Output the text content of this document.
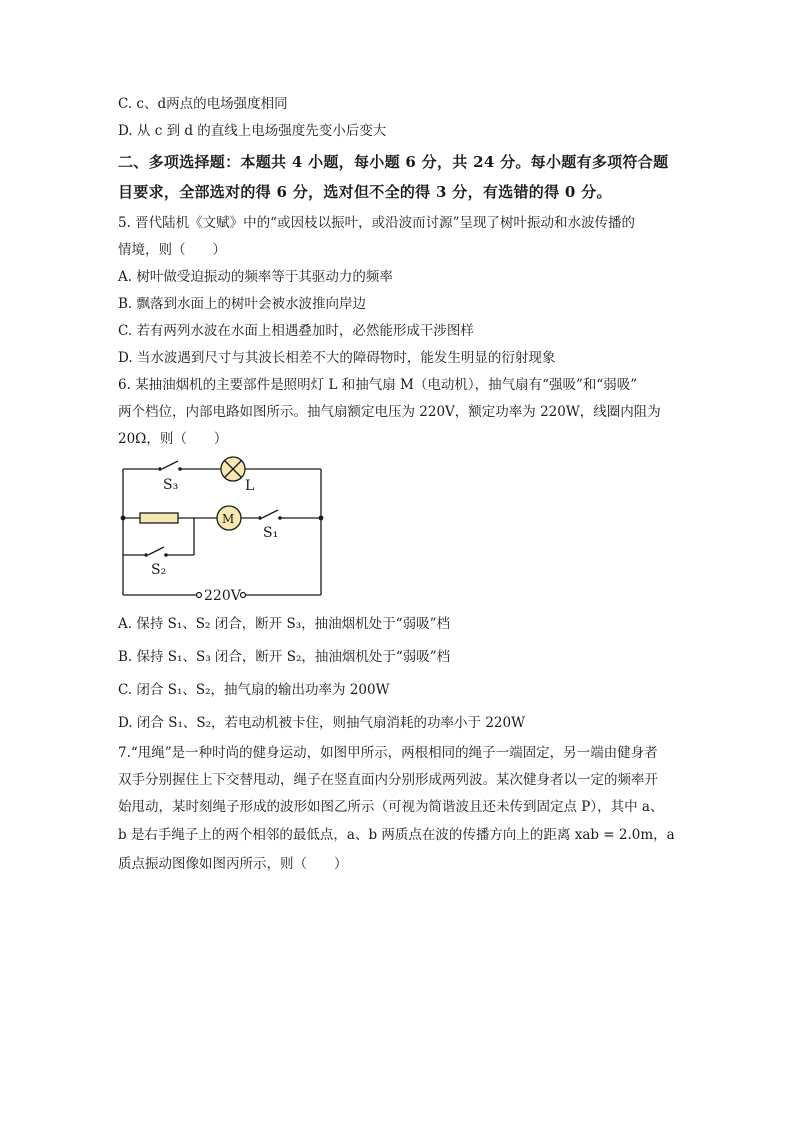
C. c、d两点的电场强度相同
D. 从 c 到 d 的直线上电场强度先变小后变大
二、多项选择题：本题共 4 小题，每小题 6 分，共 24 分。每小题有多项符合题
目要求，全部选对的得 6 分，选对但不全的得 3 分，有选错的得 0 分。
5. 晋代陆机《文赋》中的“或因枝以振叶，或沿波而讨源”呈现了树叶振动和水波传播的
情境，则（　　）
A. 树叶做受迫振动的频率等于其驱动力的频率
B. 飘落到水面上的树叶会被水波推向岸边
C. 若有两列水波在水面上相遇叠加时，必然能形成干涉图样
D. 当水波遇到尺寸与其波长相差不大的障碍物时，能发生明显的衍射现象
6. 某抽油烟机的主要部件是照明灯 L 和抽气扇 M（电动机），抽气扇有“强吸”和“弱吸”
两个档位，内部电路如图所示。抽气扇额定电压为 220V，额定功率为 220W，线圈内阻为
20Ω，则（　　）
S₃	L
M
S₁
S₂
220V
A. 保持 S₁、S₂ 闭合，断开 S₃，抽油烟机处于“弱吸”档
B. 保持 S₁、S₃ 闭合，断开 S₂，抽油烟机处于“弱吸”档
C. 闭合 S₁、S₂，抽气扇的输出功率为 200W
D. 闭合 S₁、S₂，若电动机被卡住，则抽气扇消耗的功率小于 220W
7.“甩绳”是一种时尚的健身运动，如图甲所示，两根相同的绳子一端固定，另一端由健身者
双手分别握住上下交替甩动，绳子在竖直面内分别形成两列波。某次健身者以一定的频率开
始甩动，某时刻绳子形成的波形如图乙所示（可视为简谐波且还未传到固定点 P），其中 a、
b 是右手绳子上的两个相邻的最低点，a、b 两质点在波的传播方向上的距离 xab = 2.0m，a
质点振动图像如图丙所示，则（　　）
